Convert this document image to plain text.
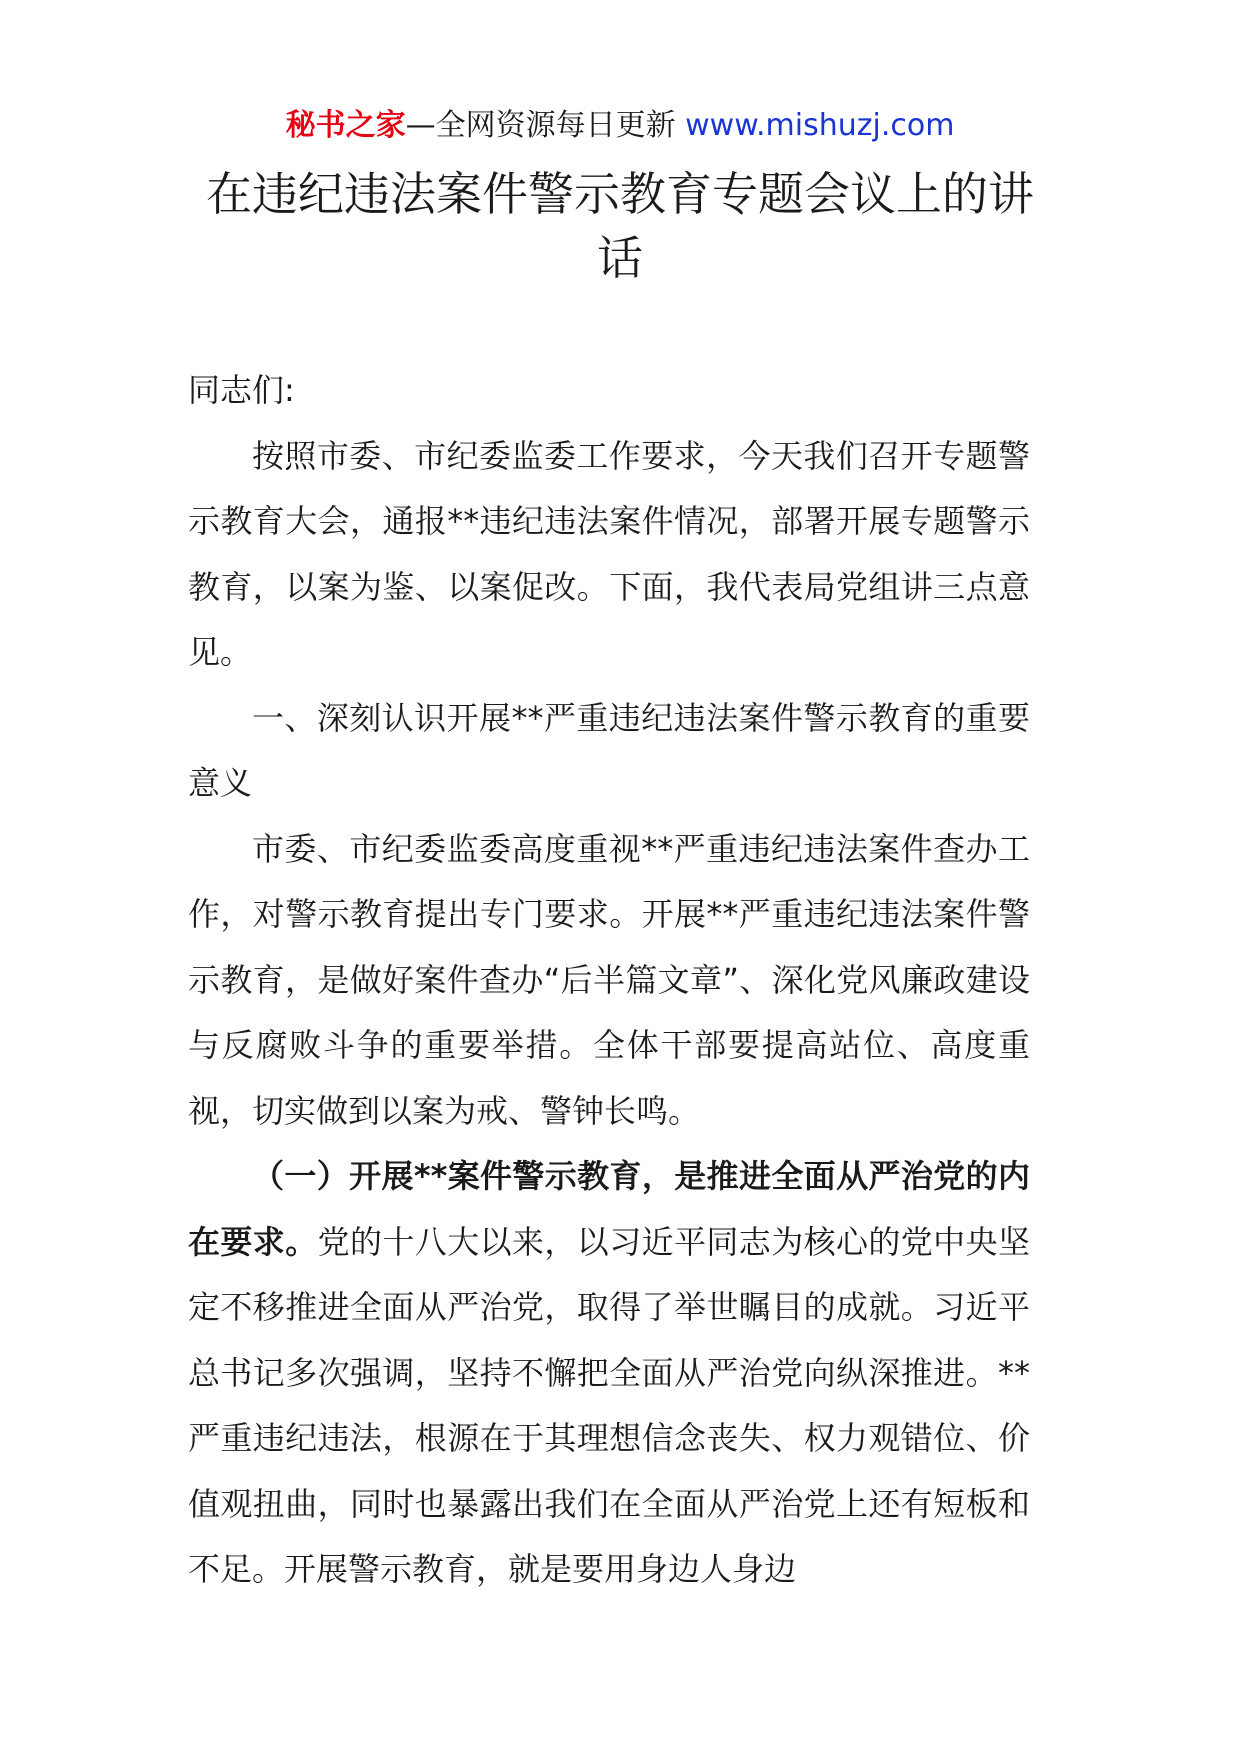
秘书之家—全网资源每日更新 www.mishuzj.com
在违纪违法案件警示教育专题会议上的讲话

同志们:

按照市委、市纪委监委工作要求，今天我们召开专题警示教育大会，通报**违纪违法案件情况，部署开展专题警示教育，以案为鉴、以案促改。下面，我代表局党组讲三点意见。

一、深刻认识开展**严重违纪违法案件警示教育的重要意义

市委、市纪委监委高度重视**严重违纪违法案件查办工作，对警示教育提出专门要求。开展**严重违纪违法案件警示教育，是做好案件查办“后半篇文章”、深化党风廉政建设与反腐败斗争的重要举措。全体干部要提高站位、高度重视，切实做到以案为戒、警钟长鸣。

（一）开展**案件警示教育，是推进全面从严治党的内在要求。党的十八大以来，以习近平同志为核心的党中央坚定不移推进全面从严治党，取得了举世瞩目的成就。习近平总书记多次强调，坚持不懈把全面从严治党向纵深推进。**严重违纪违法，根源在于其理想信念丧失、权力观错位、价值观扭曲，同时也暴露出我们在全面从严治党上还有短板和不足。开展警示教育，就是要用身边人身边
